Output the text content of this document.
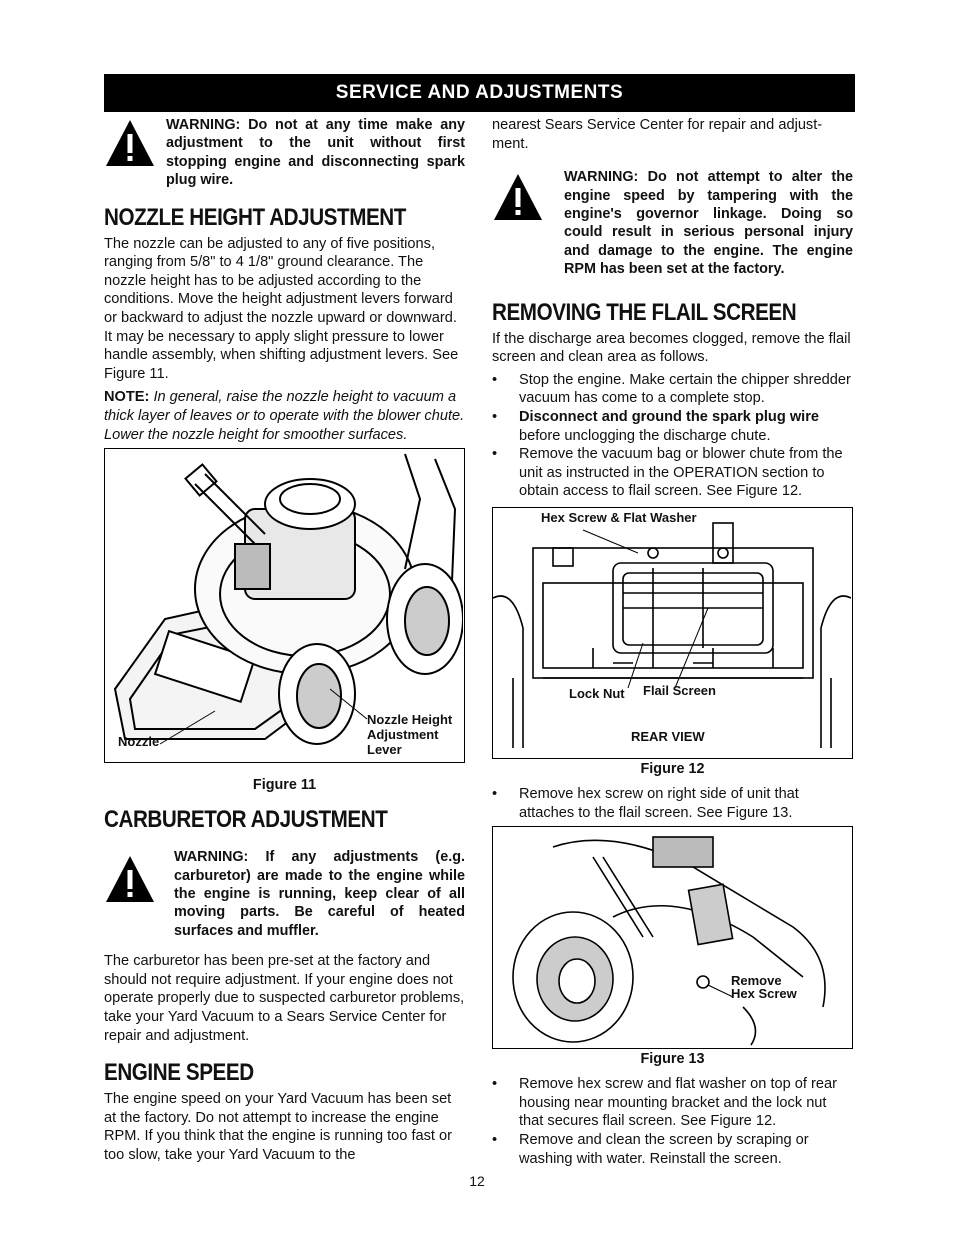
SERVICE AND ADJUSTMENTS
WARNING: Do not at any time make any adjustment to the unit without first stopping engine and disconnecting spark plug wire.
NOZZLE HEIGHT ADJUSTMENT

The nozzle can be adjusted to any of five positions, ranging from 5/8" to 4 1/8" ground clearance. The nozzle height has to be adjusted according to the conditions. Move the height adjustment levers forward or backward to adjust the nozzle upward or downward. It may be necessary to apply slight pressure to lower handle assembly, when shifting adjustment levers. See Figure 11.

NOTE: In general, raise the nozzle height to vacuum a thick layer of leaves or to operate with the blower chute. Lower the nozzle height for smoother surfaces.

Nozzle
Nozzle Height
Adjustment
Lever
Figure 11
CARBURETOR ADJUSTMENT
WARNING: If any adjustments (e.g. carburetor) are made to the engine while the engine is running, keep clear of all moving parts. Be careful of heated surfaces and muffler.

The carburetor has been pre-set at the factory and should not require adjustment. If your engine does not operate properly due to suspected carburetor problems, take your Yard Vacuum to a Sears Service Center for repair and adjustment.

ENGINE SPEED

The engine speed on your Yard Vacuum has been set at the factory. Do not attempt to increase the engine RPM. If you think that the engine is running too fast or too slow, take your Yard Vacuum to the

nearest Sears Service Center for repair and adjust- ment.

WARNING: Do not attempt to alter the engine speed by tampering with the engine's governor linkage. Doing so could result in serious personal injury and damage to the engine. The engine RPM has been set at the factory.
REMOVING THE FLAIL SCREEN

If the discharge area becomes clogged, remove the flail screen and clean area as follows.

• Stop the engine. Make certain the chipper shredder vacuum has come to a complete stop.
• Disconnect and ground the spark plug wire before unclogging the discharge chute.
• Remove the vacuum bag or blower chute from the unit as instructed in the OPERATION section to obtain access to flail screen. See Figure 12.
Hex Screw & Flat Washer
Lock Nut Flail Screen
REAR VIEW
Figure 12
• Remove hex screw on right side of unit that attaches to the flail screen. See Figure 13.
Remove
Hex Screw
Figure 13
• Remove hex screw and flat washer on top of rear housing near mounting bracket and the lock nut that secures flail screen. See Figure 12.
• Remove and clean the screen by scraping or washing with water. Reinstall the screen.
12
